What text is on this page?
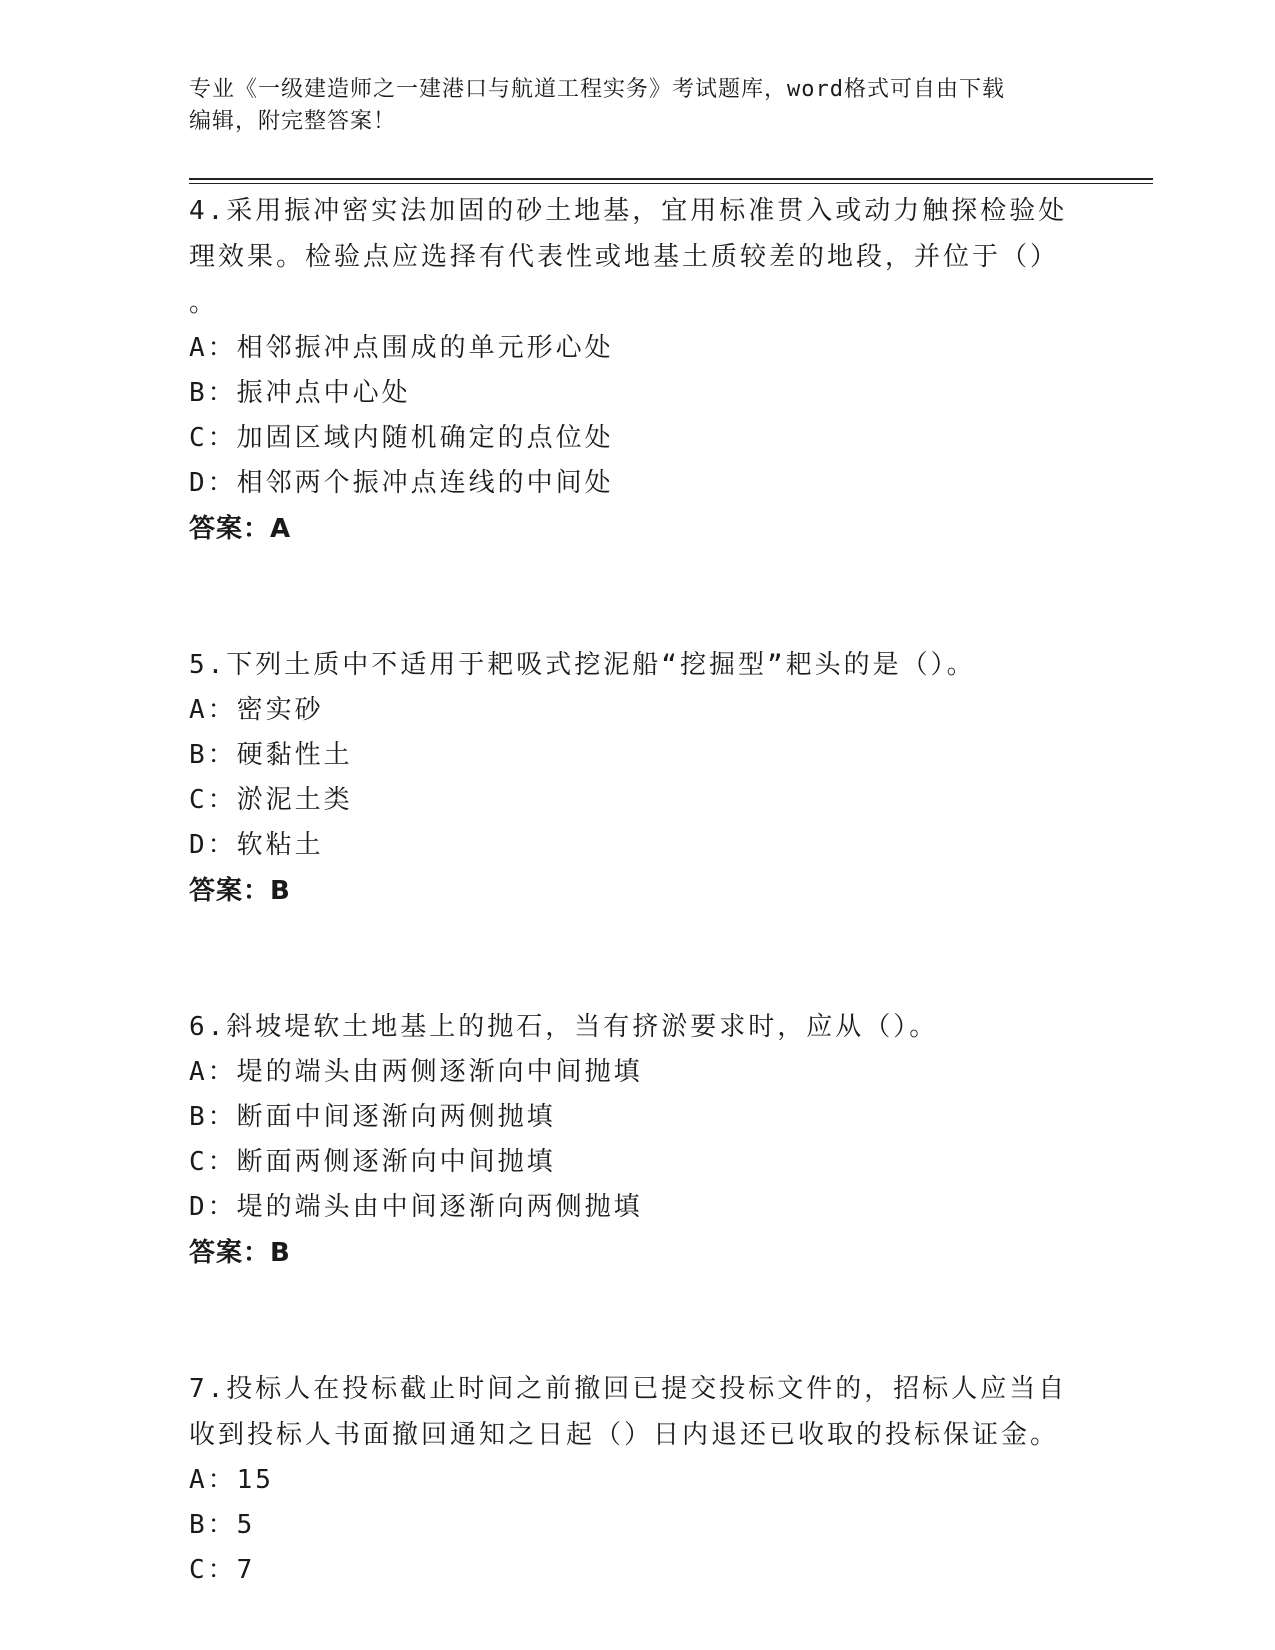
专业《一级建造师之一建港口与航道工程实务》考试题库，word格式可自由下载
编辑，附完整答案！
4.采用振冲密实法加固的砂土地基，宜用标准贯入或动力触探检验处
理效果。检验点应选择有代表性或地基土质较差的地段，并位于（）
。
A：相邻振冲点围成的单元形心处
B：振冲点中心处
C：加固区域内随机确定的点位处
D：相邻两个振冲点连线的中间处
答案：A
5.下列土质中不适用于耙吸式挖泥船“挖掘型”耙头的是（）。
A：密实砂
B：硬黏性土
C：淤泥土类
D：软粘土
答案：B
6.斜坡堤软土地基上的抛石，当有挤淤要求时，应从（）。
A：堤的端头由两侧逐渐向中间抛填
B：断面中间逐渐向两侧抛填
C：断面两侧逐渐向中间抛填
D：堤的端头由中间逐渐向两侧抛填
答案：B
7.投标人在投标截止时间之前撤回已提交投标文件的，招标人应当自
收到投标人书面撤回通知之日起（）日内退还已收取的投标保证金。
A：15
B：5
C：7
